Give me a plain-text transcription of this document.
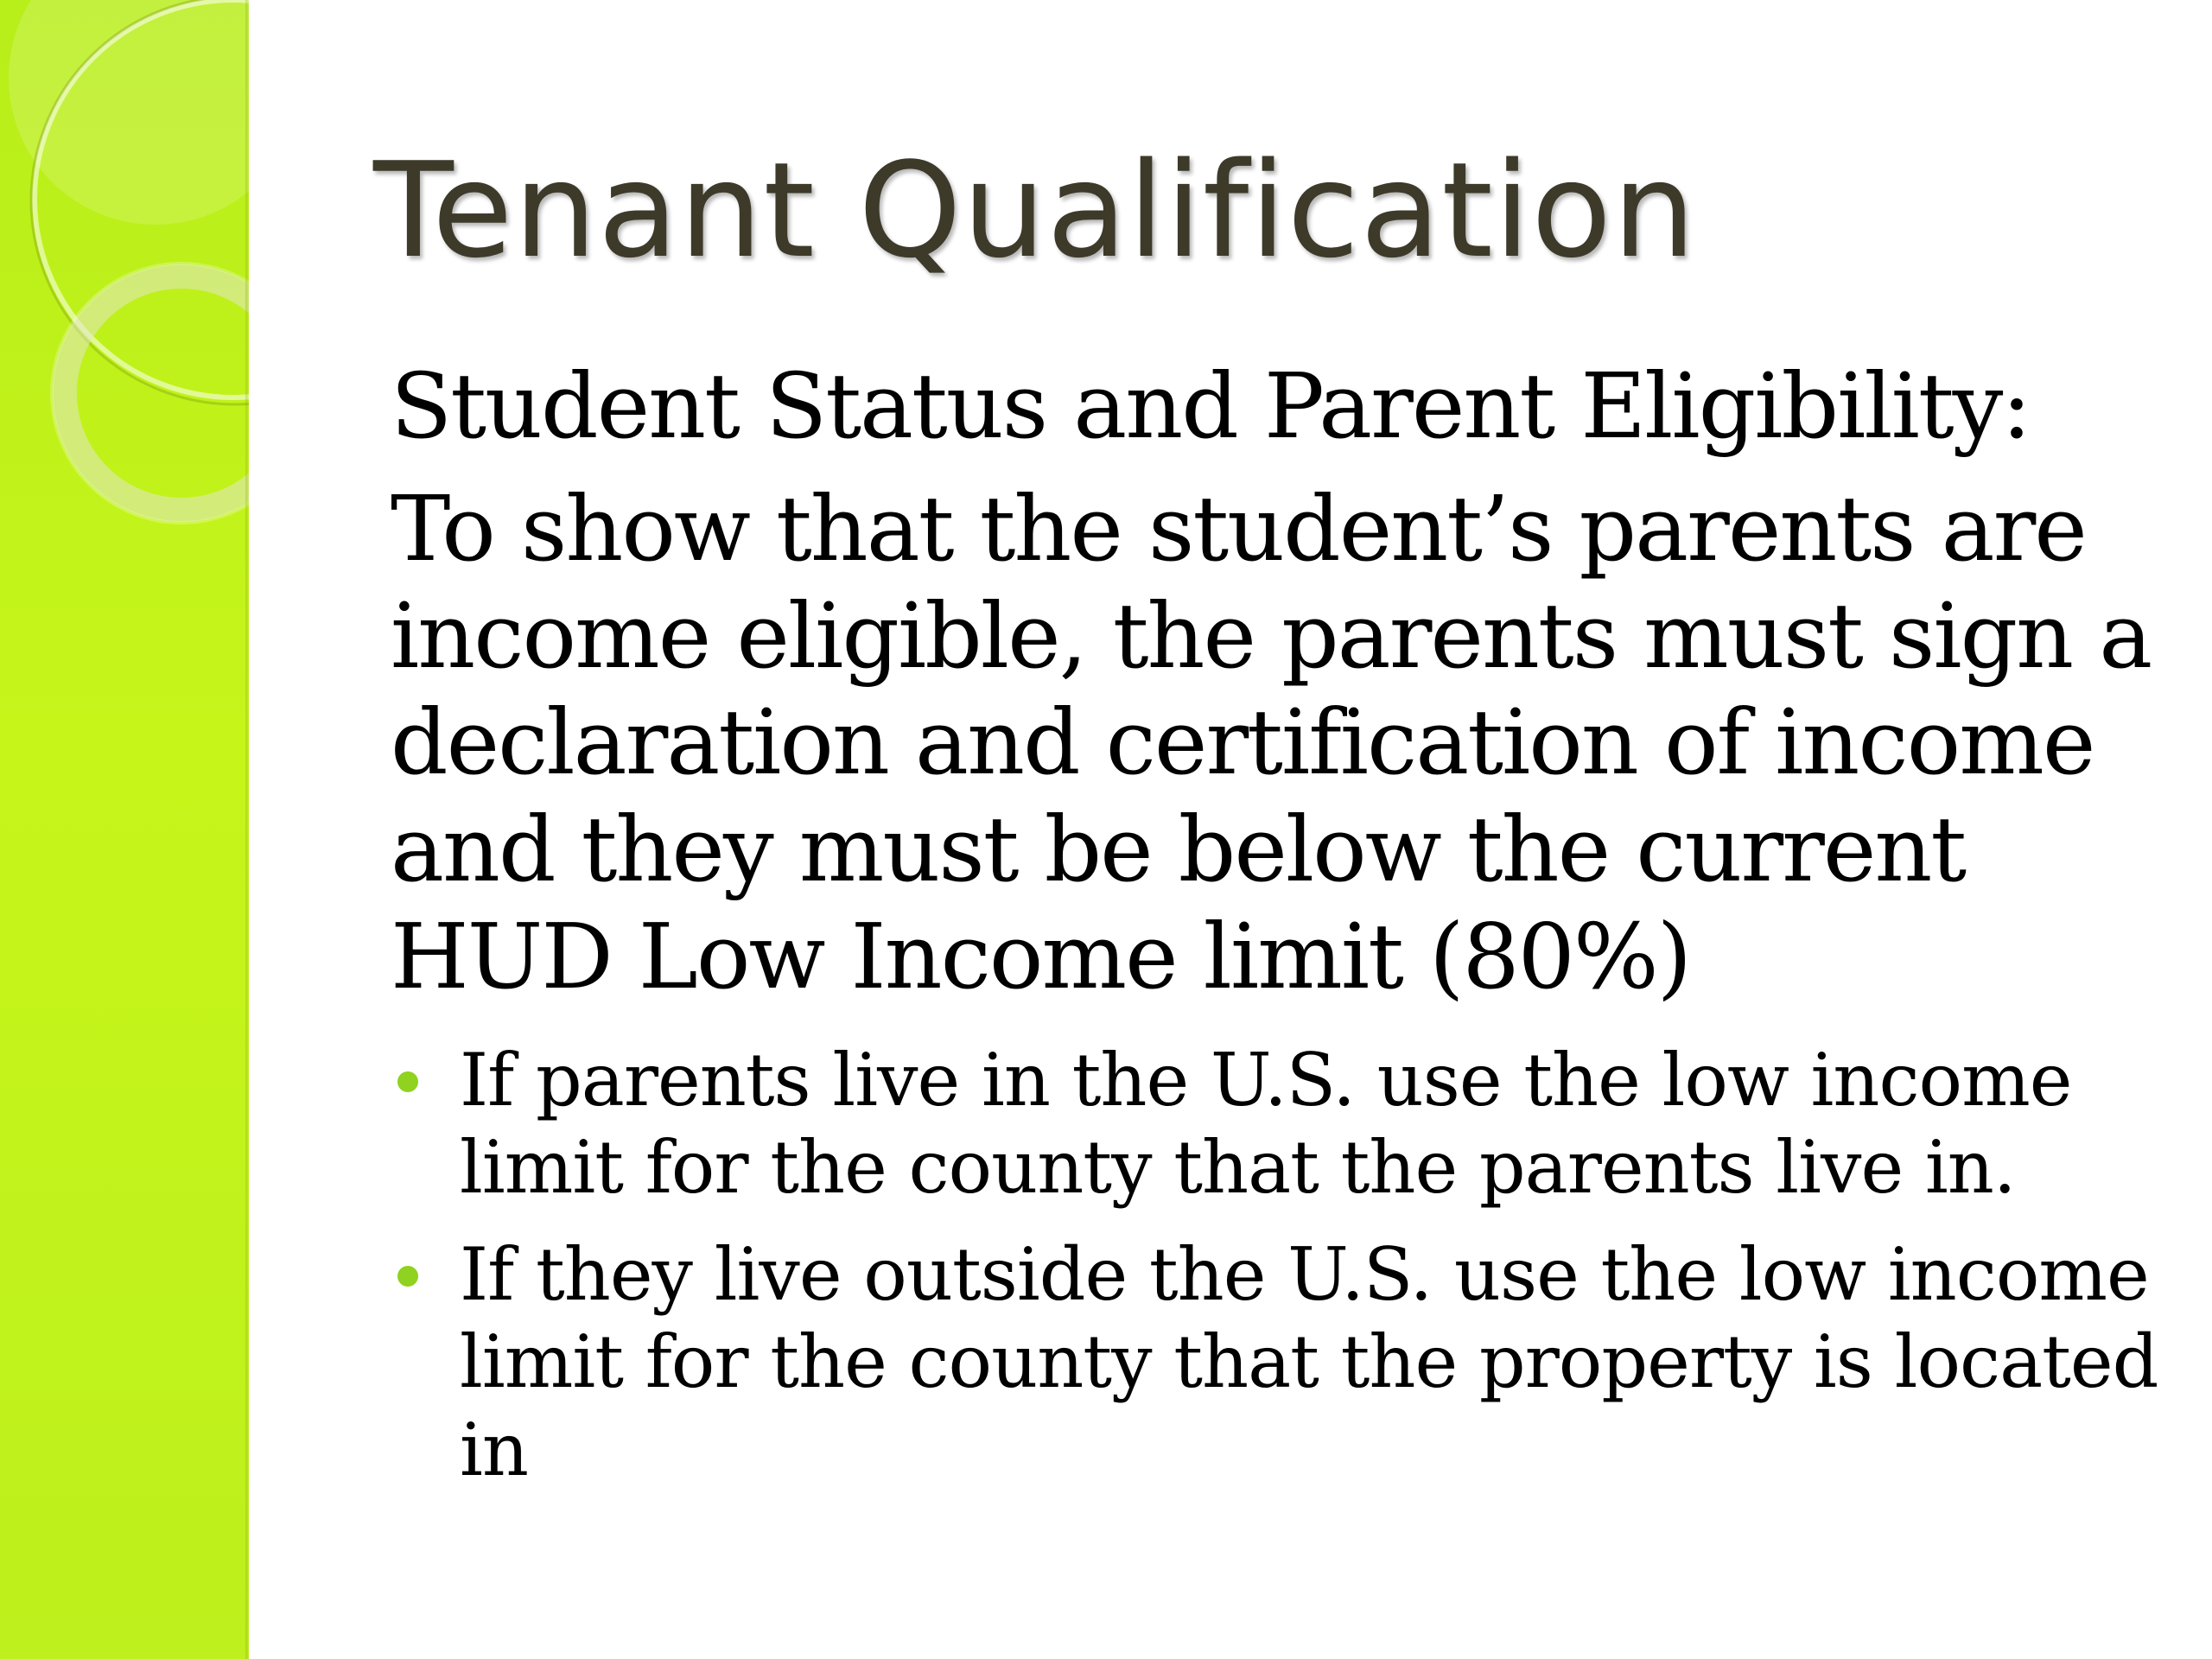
Tenant Qualification
Student Status and Parent Eligibility:
To show that the student’s parents are income eligible, the parents must sign a declaration and certification of income and they must be below the current HUD Low Income limit (80%)
If parents live in the U.S. use the low income limit for the county that the parents live in.
If they live outside the U.S. use the low income limit for the county that the property is located in
